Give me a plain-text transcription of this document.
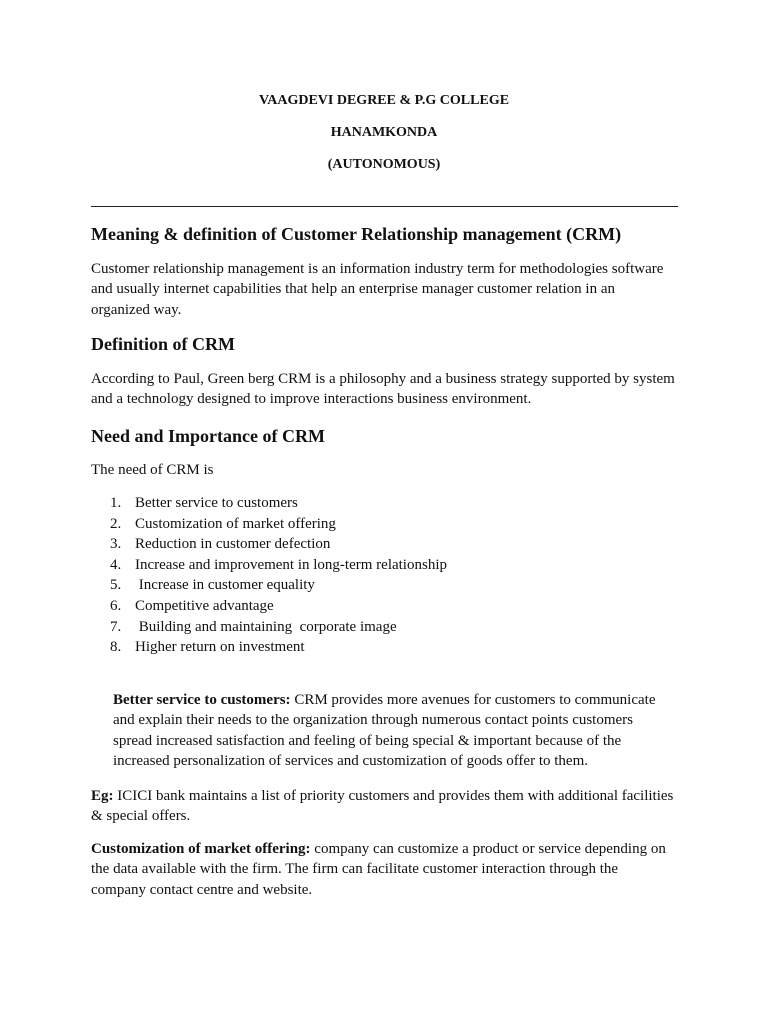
VAAGDEVI DEGREE & P.G COLLEGE
HANAMKONDA
(AUTONOMOUS)
Meaning & definition of Customer Relationship management (CRM)
Customer relationship management is an information industry term for methodologies software
and usually internet capabilities that help an enterprise manager customer relation in an
organized way.
Definition of CRM
According to Paul, Green berg CRM is a philosophy and a business strategy supported by system
and a technology designed to improve interactions business environment.
Need and Importance of CRM
The need of CRM is
1. Better service to customers
2. Customization of market offering
3. Reduction in customer defection
4. Increase and improvement in long-term relationship
5. Increase in customer equality
6. Competitive advantage
7. Building and maintaining  corporate image
8. Higher return on investment
Better service to customers: CRM provides more avenues for customers to communicate
and explain their needs to the organization through numerous contact points customers
spread increased satisfaction and feeling of being special & important because of the
increased personalization of services and customization of goods offer to them.
Eg: ICICI bank maintains a list of priority customers and provides them with additional facilities
& special offers.
Customization of market offering: company can customize a product or service depending on
the data available with the firm. The firm can facilitate customer interaction through the
company contact centre and website.
